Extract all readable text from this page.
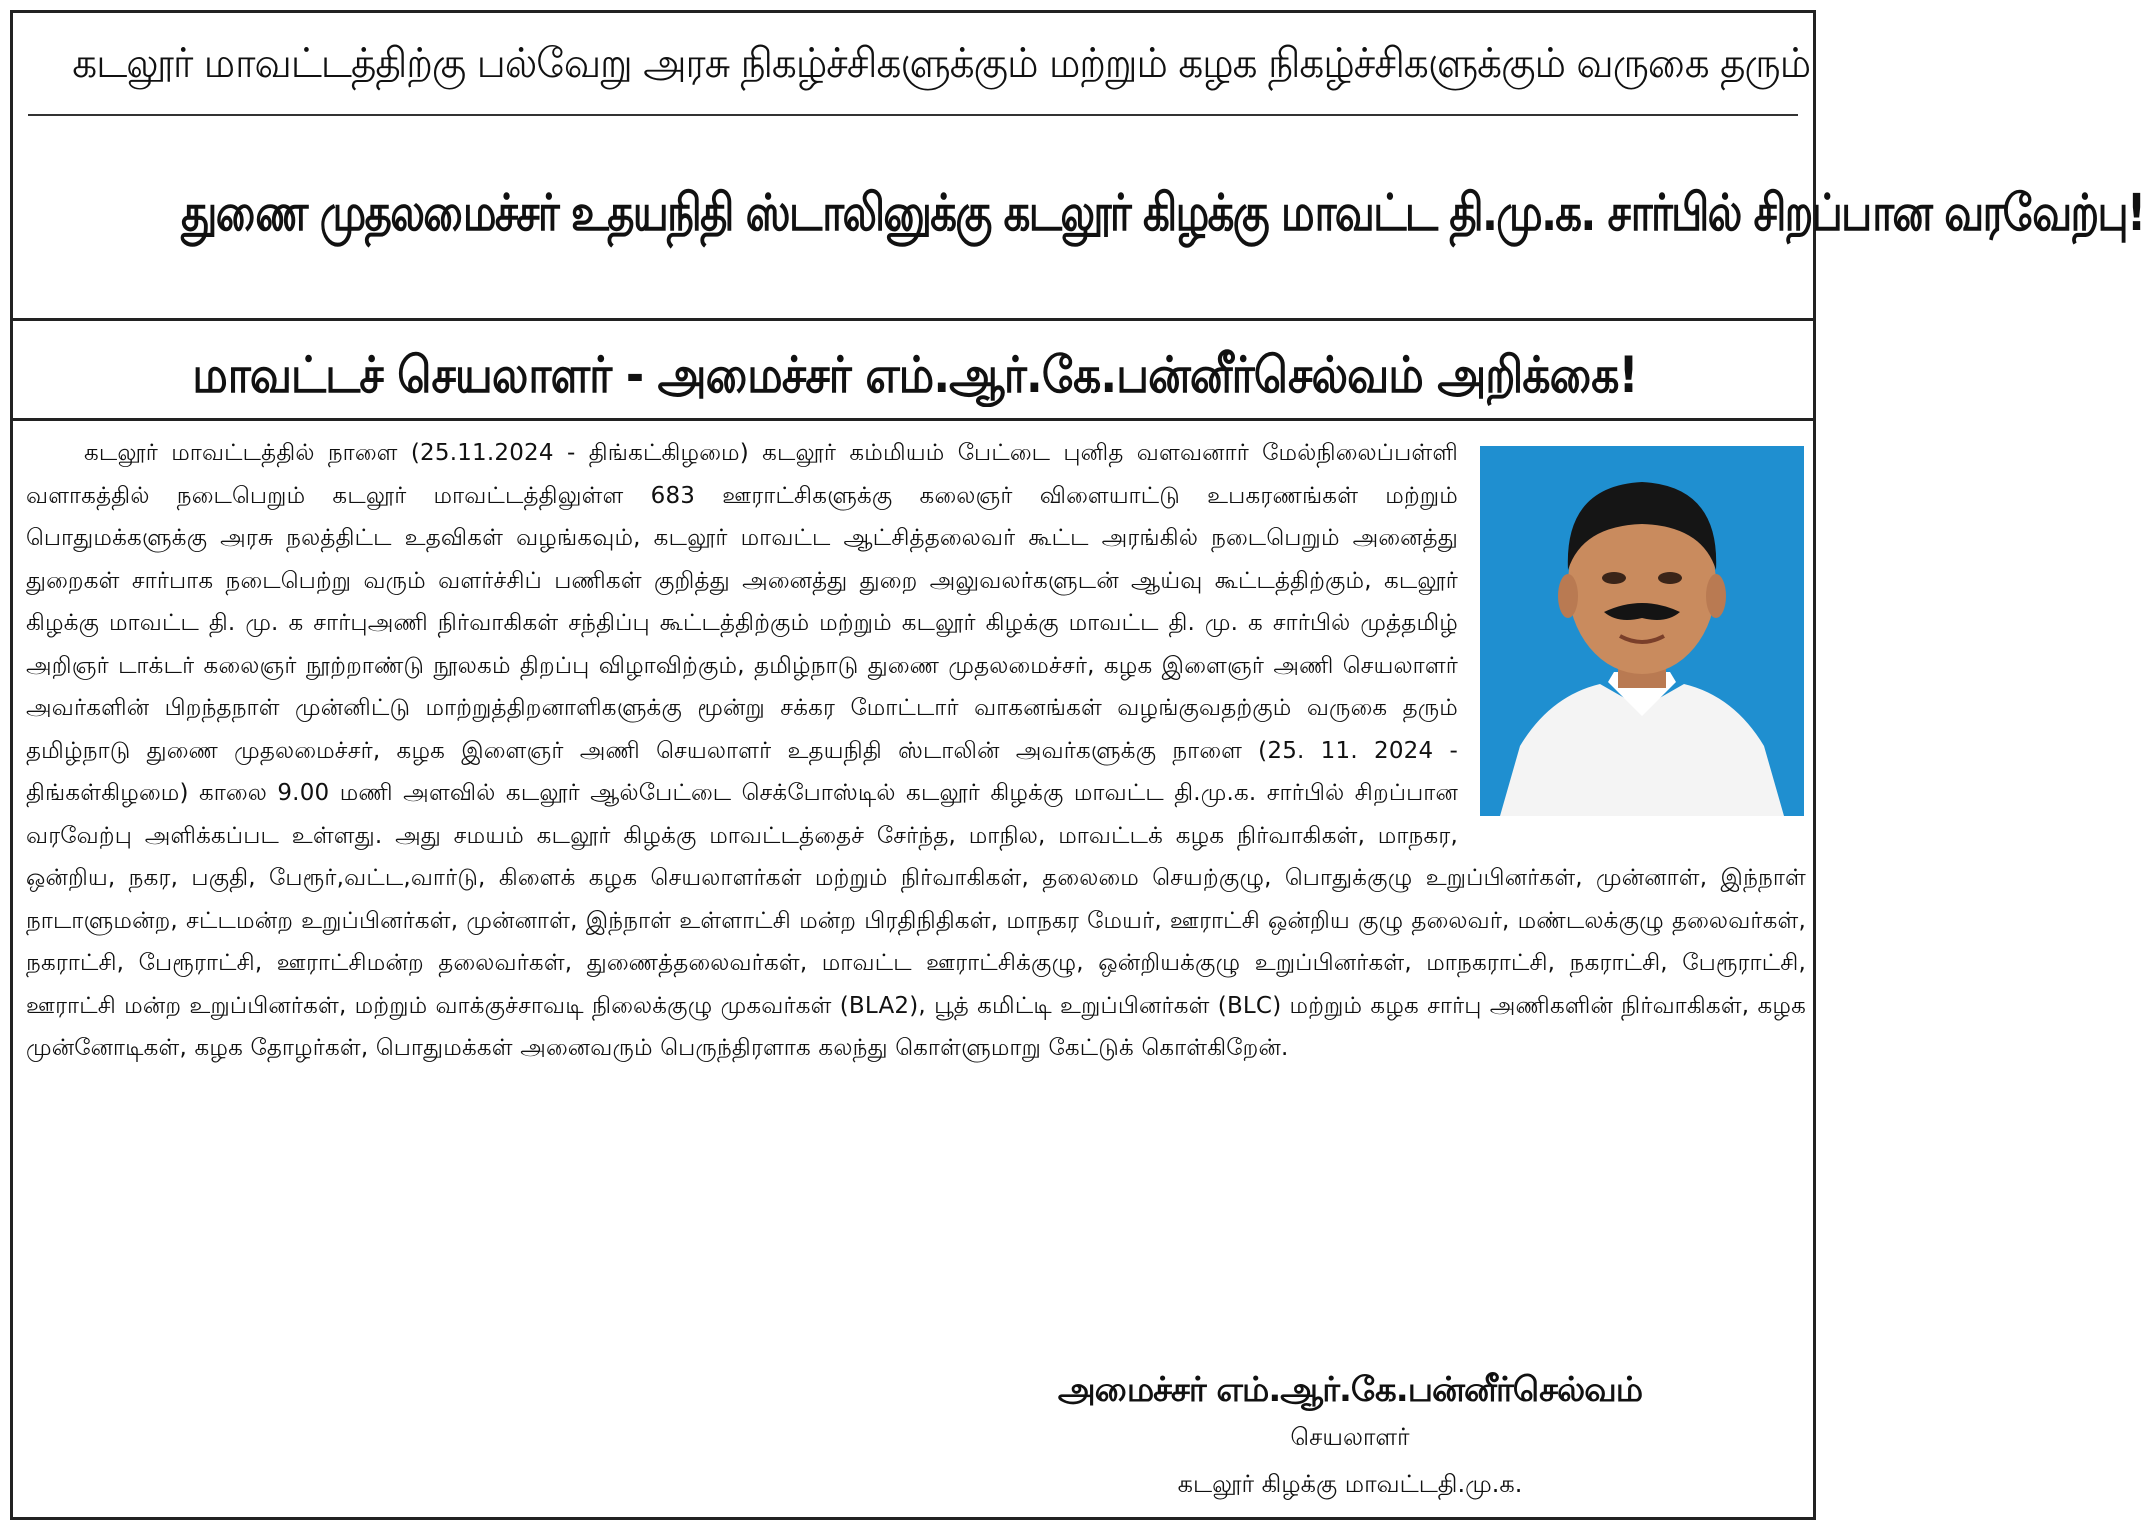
கடலூர் மாவட்டத்திற்கு பல்வேறு அரசு நிகழ்ச்சிகளுக்கும் மற்றும் கழக நிகழ்ச்சிகளுக்கும் வருகை தரும்
துணை முதலமைச்சர் உதயநிதி ஸ்டாலினுக்கு கடலூர் கிழக்கு மாவட்ட தி.மு.க. சார்பில் சிறப்பான வரவேற்பு!
மாவட்டச் செயலாளர் - அமைச்சர் எம்.ஆர்.கே.பன்னீர்செல்வம் அறிக்கை!
கடலூர் மாவட்டத்தில் நாளை (25.11.2024 - திங்கட்கிழமை) கடலூர் கம்மியம் பேட்டை புனித வளவனார் மேல்நிலைப்பள்ளி வளாகத்தில் நடைபெறும் கடலூர் மாவட்டத்திலுள்ள 683 ஊராட்சிகளுக்கு கலைஞர் விளையாட்டு உபகரணங்கள் மற்றும் பொதுமக்களுக்கு அரசு நலத்திட்ட உதவிகள் வழங்கவும், கடலூர் மாவட்ட ஆட்சித்தலைவர் கூட்ட அரங்கில் நடைபெறும் அனைத்து துறைகள் சார்பாக நடைபெற்று வரும் வளர்ச்சிப் பணிகள் குறித்து அனைத்து துறை அலுவலர்களுடன் ஆய்வு கூட்டத்திற்கும், கடலூர் கிழக்கு மாவட்ட தி. மு. க சார்புஅணி நிர்வாகிகள் சந்திப்பு கூட்டத்திற்கும் மற்றும் கடலூர் கிழக்கு மாவட்ட தி. மு. க சார்பில் முத்தமிழ் அறிஞர் டாக்டர் கலைஞர் நூற்றாண்டு நூலகம் திறப்பு விழாவிற்கும், தமிழ்நாடு துணை முதலமைச்சர், கழக இளைஞர் அணி செயலாளர் அவர்களின் பிறந்தநாள் முன்னிட்டு மாற்றுத்திறனாளிகளுக்கு மூன்று சக்கர மோட்டார் வாகனங்கள் வழங்குவதற்கும் வருகை தரும் தமிழ்நாடு துணை முதலமைச்சர், கழக இளைஞர் அணி செயலாளர் உதயநிதி ஸ்டாலின் அவர்களுக்கு நாளை (25. 11. 2024 - திங்கள்கிழமை) காலை 9.00 மணி அளவில் கடலூர் ஆல்பேட்டை செக்போஸ்டில் கடலூர் கிழக்கு மாவட்ட தி.மு.க. சார்பில் சிறப்பான வரவேற்பு அளிக்கப்பட உள்ளது. அது சமயம் கடலூர் கிழக்கு மாவட்டத்தைச் சேர்ந்த, மாநில, மாவட்டக் கழக நிர்வாகிகள், மாநகர, ஒன்றிய, நகர, பகுதி, பேரூர்,வட்ட,வார்டு, கிளைக் கழக செயலாளர்கள் மற்றும் நிர்வாகிகள், தலைமை செயற்குழு, பொதுக்குழு உறுப்பினர்கள், முன்னாள், இந்நாள் நாடாளுமன்ற, சட்டமன்ற உறுப்பினர்கள், முன்னாள், இந்நாள் உள்ளாட்சி மன்ற பிரதிநிதிகள், மாநகர மேயர், ஊராட்சி ஒன்றிய குழு தலைவர், மண்டலக்குழு தலைவர்கள், நகராட்சி, பேரூராட்சி, ஊராட்சிமன்ற தலைவர்கள், துணைத்தலைவர்கள், மாவட்ட ஊராட்சிக்குழு, ஒன்றியக்குழு உறுப்பினர்கள், மாநகராட்சி, நகராட்சி, பேரூராட்சி, ஊராட்சி மன்ற உறுப்பினர்கள், மற்றும் வாக்குச்சாவடி நிலைக்குழு முகவர்கள் (BLA2), பூத் கமிட்டி உறுப்பினர்கள் (BLC) மற்றும் கழக சார்பு அணிகளின் நிர்வாகிகள், கழக முன்னோடிகள், கழக தோழர்கள், பொதுமக்கள் அனைவரும் பெருந்திரளாக கலந்து கொள்ளுமாறு கேட்டுக் கொள்கிறேன்.
அமைச்சர் எம்.ஆர்.கே.பன்னீர்செல்வம்
செயலாளர்
கடலூர் கிழக்கு மாவட்டதி.மு.க.
